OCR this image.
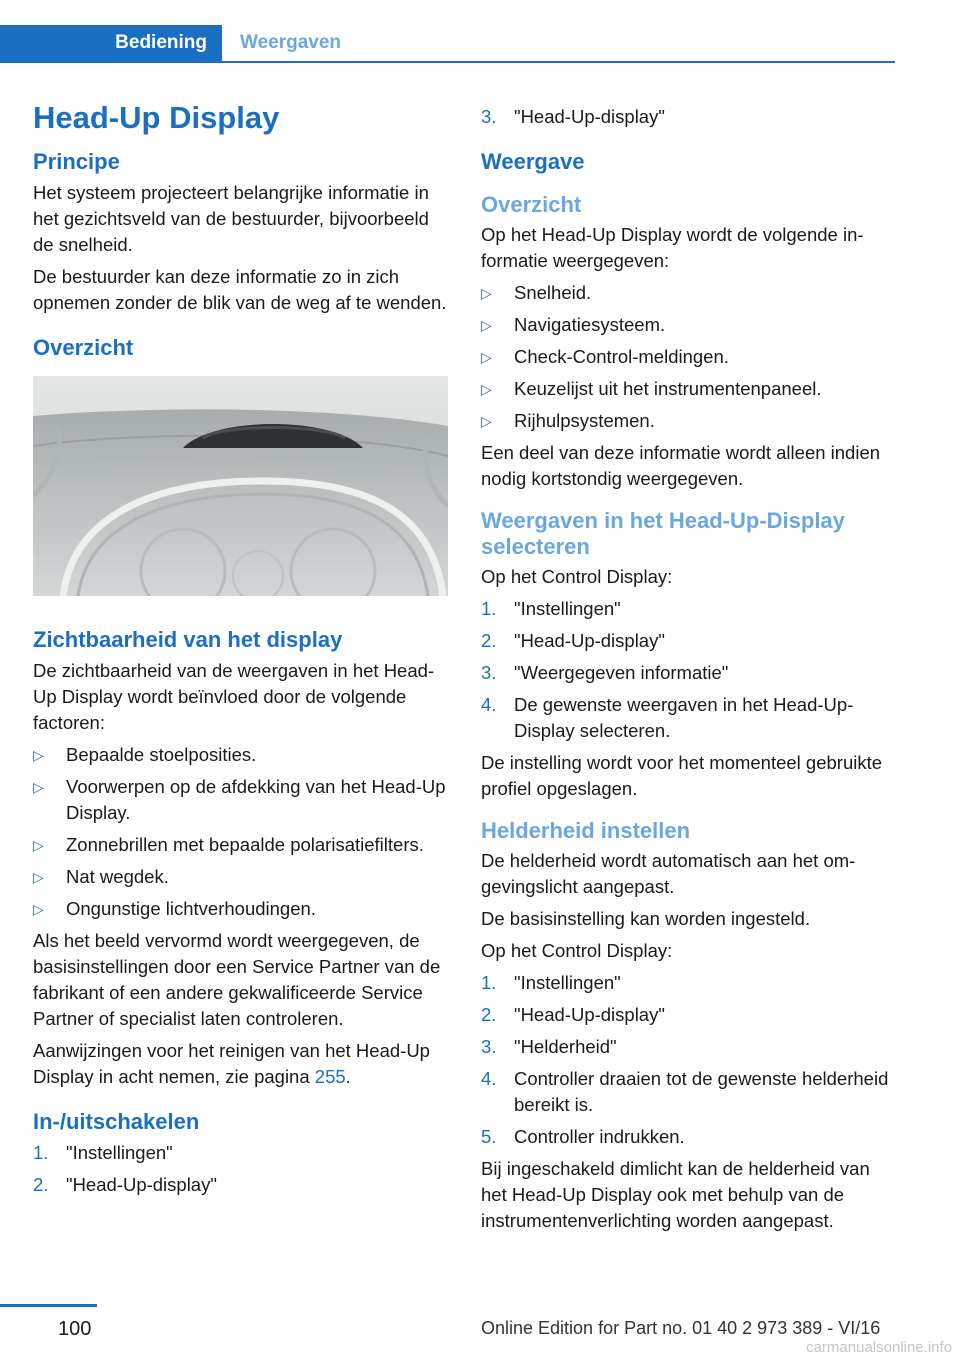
Bediening Weergaven
Head-Up Display
Principe

Het systeem projecteert belangrijke informatie in het gezichtsveld van de bestuurder, bijvoorbeeld de snelheid.

De bestuurder kan deze informatie zo in zich opnemen zonder de blik van de weg af te wenden.

Overzicht
Zichtbaarheid van het display

De zichtbaarheid van de weergaven in het Head-Up Display wordt beïnvloed door de volgende factoren:

▷ Bepaalde stoelposities.
▷ Voorwerpen op de afdekking van het Head-Up Display.
▷ Zonnebrillen met bepaalde polarisatiefilters.
▷ Nat wegdek.
▷ Ongunstige lichtverhoudingen.

Als het beeld vervormd wordt weergegeven, de basisinstellingen door een Service Partner van de fabrikant of een andere gekwalificeerde Service Partner of specialist laten controleren.

Aanwijzingen voor het reinigen van het Head-Up Display in acht nemen, zie pagina 255.

In-/uitschakelen
1. "Instellingen"
2. "Head-Up-display"
3. "Head-Up-display"
Weergave
Overzicht

Op het Head-Up Display wordt de volgende informatie weergegeven:

▷ Snelheid.
▷ Navigatiesysteem.
▷ Check-Control-meldingen.
▷ Keuzelijst uit het instrumentenpaneel.
▷ Rijhulpsystemen.

Een deel van deze informatie wordt alleen indien nodig kortstondig weergegeven.

Weergaven in het Head-Up-Display selecteren

Op het Control Display:

1. "Instellingen"
2. "Head-Up-display"
3. "Weergegeven informatie"
4. De gewenste weergaven in het Head-Up-Display selecteren.

De instelling wordt voor het momenteel gebruikte profiel opgeslagen.

Helderheid instellen

De helderheid wordt automatisch aan het omgevingslicht aangepast.

De basisinstelling kan worden ingesteld.

Op het Control Display:

1. "Instellingen"
2. "Head-Up-display"
3. "Helderheid"
4. Controller draaien tot de gewenste helderheid bereikt is.
5. Controller indrukken.

Bij ingeschakeld dimlicht kan de helderheid van het Head-Up Display ook met behulp van de instrumentenverlichting worden aangepast.

100	Online Edition for Part no. 01 40 2 973 389 - VI/16
carmanualsonline.info
